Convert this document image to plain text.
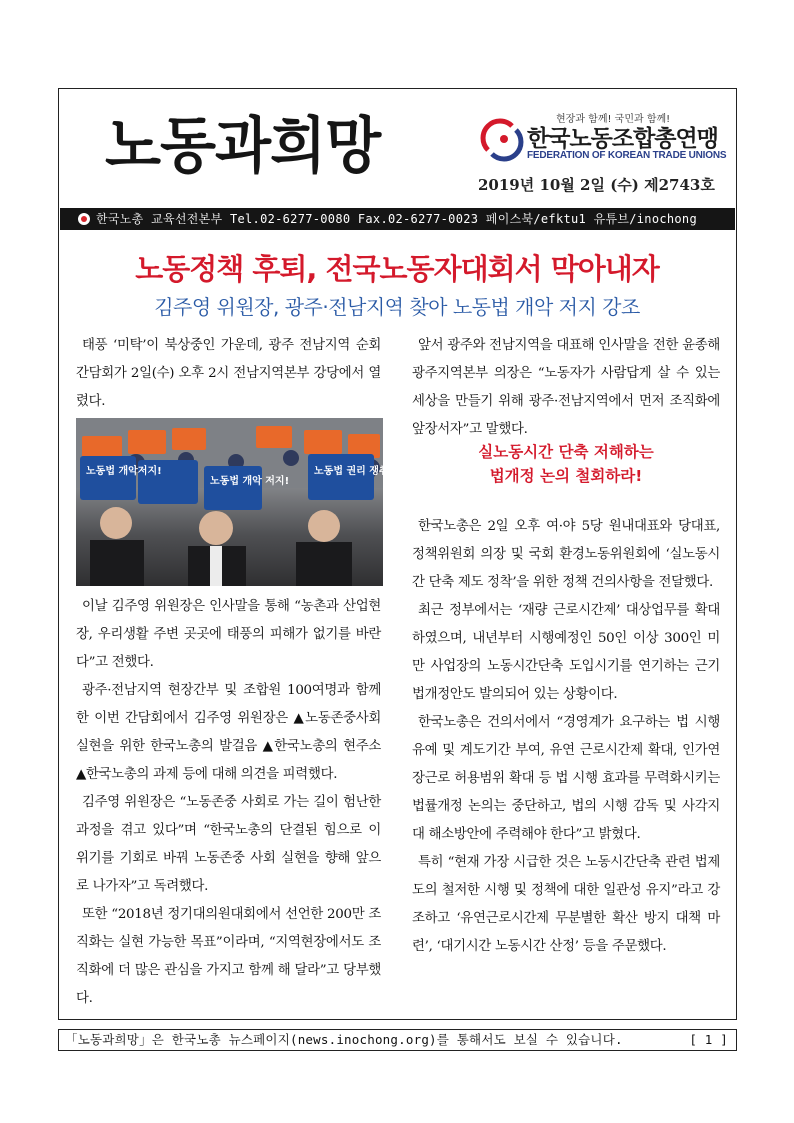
노동과희망	현장과 함께! 국민과 함께!
한국노동조합총연맹
FEDERATION OF KOREAN TRADE UNIONS
2019년 10월 2일 (수) 제2743호
한국노총 교육선전본부 Tel.02-6277-0080 Fax.02-6277-0023 페이스북/efktu1 유튜브/inochong
노동정책 후퇴, 전국노동자대회서 막아내자
김주영 위원장, 광주·전남지역 찾아 노동법 개악 저지 강조

태풍 ‘미탁’이 북상중인 가운데, 광주 전남지역 순회 간담회가 2일(수) 오후 2시 전남지역본부 강당에서 열렸다.

노동법 개악저지!
노동법 개악 저지!
노동법 권리 쟁취!

이날 김주영 위원장은 인사말을 통해 “농촌과 산업현장, 우리생활 주변 곳곳에 태풍의 피해가 없기를 바란다”고 전했다.

광주·전남지역 현장간부 및 조합원 100여명과 함께 한 이번 간담회에서 김주영 위원장은 ▲노동존중사회 실현을 위한 한국노총의 발걸음 ▲한국노총의 현주소 ▲한국노총의 과제 등에 대해 의견을 피력했다.

김주영 위원장은 “노동존중 사회로 가는 길이 험난한 과정을 겪고 있다”며 “한국노총의 단결된 힘으로 이 위기를 기회로 바꿔 노동존중 사회 실현을 향해 앞으로 나가자”고 독려했다.

또한 “2018년 정기대의원대회에서 선언한 200만 조직화는 실현 가능한 목표”이라며, “지역현장에서도 조직화에 더 많은 관심을 가지고 함께 해 달라”고 당부했다.

앞서 광주와 전남지역을 대표해 인사말을 전한 윤종해 광주지역본부 의장은 “노동자가 사람답게 살 수 있는 세상을 만들기 위해 광주·전남지역에서 먼저 조직화에 앞장서자”고 말했다.

실노동시간 단축 저해하는
법개정 논의 철회하라!

한국노총은 2일 오후 여·야 5당 원내대표와 당대표, 정책위원회 의장 및 국회 환경노동위원회에 ‘실노동시간 단축 제도 정착’을 위한 정책 건의사항을 전달했다.

최근 정부에서는 ‘재량 근로시간제’ 대상업무를 확대하였으며, 내년부터 시행예정인 50인 이상 300인 미만 사업장의 노동시간단축 도입시기를 연기하는 근기법개정안도 발의되어 있는 상황이다.

한국노총은 건의서에서 “경영계가 요구하는 법 시행 유예 및 계도기간 부여, 유연 근로시간제 확대, 인가연장근로 허용범위 확대 등 법 시행 효과를 무력화시키는 법률개정 논의는 중단하고, 법의 시행 감독 및 사각지대 해소방안에 주력해야 한다”고 밝혔다.

특히 “현재 가장 시급한 것은 노동시간단축 관련 법제도의 철저한 시행 및 정책에 대한 일관성 유지”라고 강조하고 ‘유연근로시간제 무분별한 확산 방지 대책 마련’, ‘대기시간 노동시간 산정’ 등을 주문했다.

「노동과희망」은 한국노총 뉴스페이지(news.inochong.org)를 통해서도 보실 수 있습니다.	[ 1 ]
